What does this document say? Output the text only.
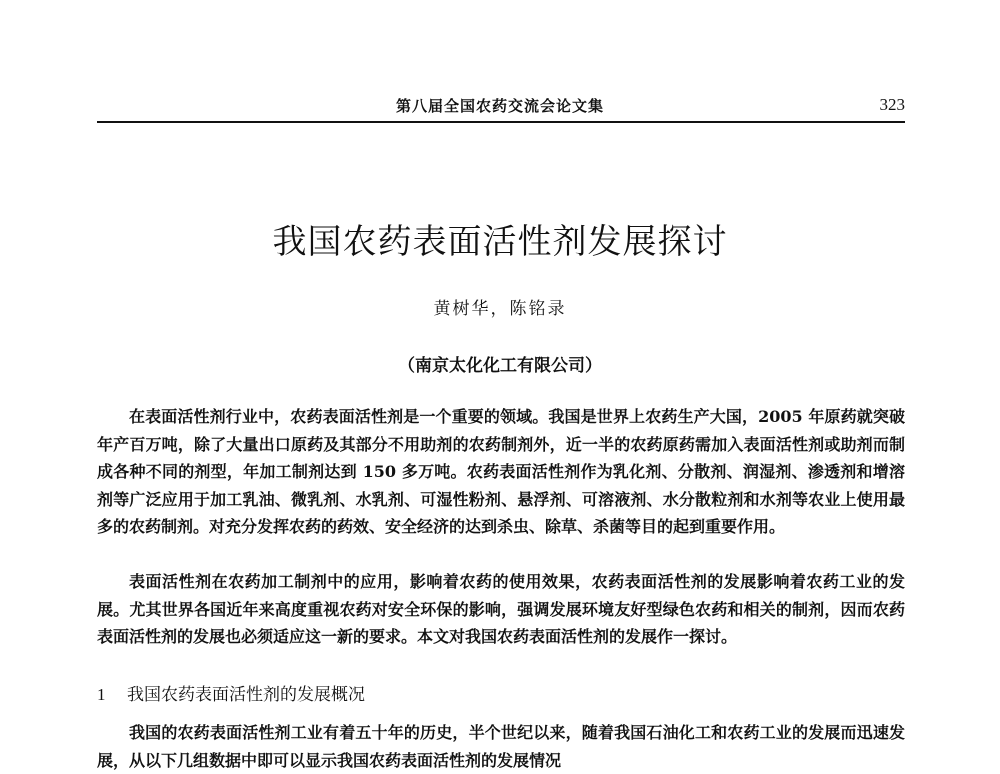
第八届全国农药交流会论文集	323
我国农药表面活性剂发展探讨
黄树华，陈铭录
（南京太化化工有限公司）

在表面活性剂行业中，农药表面活性剂是一个重要的领域。我国是世界上农药生产大国，2005 年原药就突破年产百万吨，除了大量出口原药及其部分不用助剂的农药制剂外，近一半的农药原药需加入表面活性剂或助剂而制成各种不同的剂型，年加工制剂达到 150 多万吨。农药表面活性剂作为乳化剂、分散剂、润湿剂、渗透剂和增溶剂等广泛应用于加工乳油、微乳剂、水乳剂、可湿性粉剂、悬浮剂、可溶液剂、水分散粒剂和水剂等农业上使用最多的农药制剂。对充分发挥农药的药效、安全经济的达到杀虫、除草、杀菌等目的起到重要作用。

表面活性剂在农药加工制剂中的应用，影响着农药的使用效果，农药表面活性剂的发展影响着农药工业的发展。尤其世界各国近年来高度重视农药对安全环保的影响，强调发展环境友好型绿色农药和相关的制剂，因而农药表面活性剂的发展也必须适应这一新的要求。本文对我国农药表面活性剂的发展作一探讨。

1 我国农药表面活性剂的发展概况

我国的农药表面活性剂工业有着五十年的历史，半个世纪以来，随着我国石油化工和农药工业的发展而迅速发展，从以下几组数据中即可以显示我国农药表面活性剂的发展情况
